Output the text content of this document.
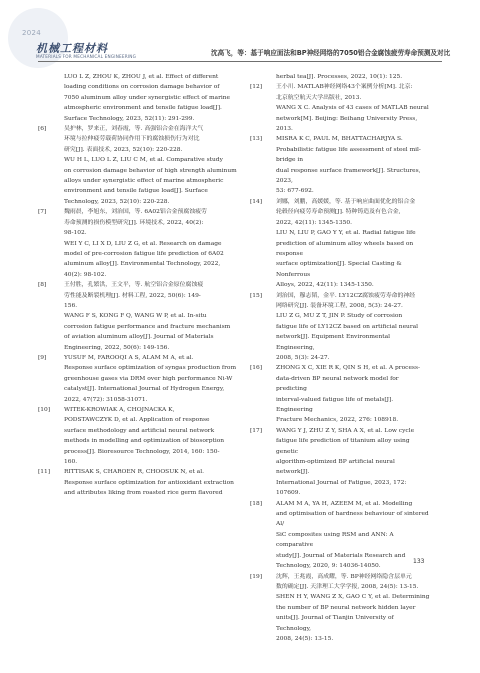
2024
机械工程材料
MATERIALS FOR MECHANICAL ENGINEERING	沈高飞，等：基于响应面法和BP神经网络的7050铝合金腐蚀疲劳寿命预测及对比
LUO L Z, ZHOU K, ZHOU J, et al. Effect of different
loading conditions on corrosion damage behavior of
7050 aluminum alloy under synergistic effect of marine
atmospheric environment and tensile fatigue load[J].
Surface Technology, 2023, 52(11): 291-299.
[6]	吴护林，罗来正，刘春霞，等. 高强铝合金在海洋大气
环境与拉伸疲劳载荷协同作用下的腐蚀损伤行为对比
研究[J]. 表面技术, 2023, 52(10): 220-228.
WU H L, LUO L Z, LIU C M, et al. Comparative study
on corrosion damage behavior of high strength aluminum
alloys under synergistic effect of marine atmospheric
environment and tensile fatigue load[J]. Surface
Technology, 2023, 52(10): 220-228.
[7]	魏雨晨，李旭东，刘治国，等. 6A02铝合金预腐蚀疲劳
寿命预测的损伤模型研究[J]. 环境技术, 2022, 40(2):
98-102.
WEI Y C, LI X D, LIU Z G, et al. Research on damage
model of pre-corrosion fatigue life prediction of 6A02
aluminum alloy[J]. Environmental Technology, 2022,
40(2): 98-102.
[8]	王付胜，孔繁洪，王文平，等. 航空铝合金原位腐蚀疲
劳性能及断裂机理[J]. 材料工程, 2022, 50(6): 149-
156.
WANG F S, KONG F Q, WANG W P, et al. In-situ
corrosion fatigue performance and fracture mechanism
of aviation aluminum alloy[J]. Journal of Materials
Engineering, 2022, 50(6): 149-156.
[9]	YUSUF M, FAROOQI A S, ALAM M A, et al.
Response surface optimization of syngas production from
greenhouse gases via DRM over high performance Ni-W
catalyst[J]. International Journal of Hydrogen Energy,
2022, 47(72): 31058-31071.
[10] WITEK-KROWIAK A, CHOJNACKA K,
PODSTAWCZYK D, et al. Application of response
surface methodology and artificial neural network
methods in modelling and optimization of biosorption
process[J]. Bioresource Technology, 2014, 160: 150-
160.
[11] RITTISAK S, CHAROEN R, CHOOSUK N, et al.
Response surface optimization for antioxidant extraction
and attributes liking from roasted rice germ flavored
herbal tea[J]. Processes, 2022, 10(1): 125.
[12] 王小川. MATLAB神经网络43个案例分析[M]. 北京:
北京航空航天大学出版社, 2013.
WANG X C. Analysis of 43 cases of MATLAB neural
network[M]. Beijing: Beihang University Press, 2013.
[13] MISRA K C, PAUL M, BHATTACHARJYA S.
Probabilistic fatigue life assessment of steel mil-bridge in
dual response surface framework[J]. Structures, 2023,
53: 677-692.
[14] 刘娜，刘鹏，高媛媛，等. 基于响应曲面优化的铝合金
轮毂径向疲劳寿命预测[J]. 特种铸造及有色合金,
2022, 42(11): 1345-1350.
LIU N, LIU P, GAO Y Y, et al. Radial fatigue life
prediction of aluminum alloy wheels based on response
surface optimization[J]. Special Casting & Nonferrous
Alloys, 2022, 42(11): 1345-1350.
[15] 刘治国，穆志韬，金平. LY12CZ腐蚀疲劳寿命的神经
网络研究[J]. 装备环境工程, 2008, 5(3): 24-27.
LIU Z G, MU Z T, JIN P. Study of corrosion
fatigue life of LY12CZ based on artificial neural
network[J]. Equipment Environmental Engineering,
2008, 5(3): 24-27.
[16] ZHONG X C, XIE R K, QIN S H, et al. A process-
data-driven BP neural network model for predicting
interval-valued fatigue life of metals[J]. Engineering
Fracture Mechanics, 2022, 276: 108918.
[17] WANG Y J, ZHU Z Y, SHA A X, et al. Low cycle
fatigue life prediction of titanium alloy using genetic
algorithm-optimized BP artificial neural network[J].
International Journal of Fatigue, 2023, 172: 107609.
[18] ALAM M A, YA H, AZEEM M, et al. Modelling
and optimisation of hardness behaviour of sintered Al/
SiC composites using RSM and ANN: A comparative
study[J]. Journal of Materials Research and
Technology, 2020, 9: 14036-14050.
[19] 沈辉，王兆霞，高成耀，等. BP神经网络隐含层单元
数的确定[J]. 天津理工大学学报, 2008, 24(5): 13-15.
SHEN H Y, WANG Z X, GAO C Y, et al. Determining
the number of BP neural network hidden layer
units[J]. Journal of Tianjin University of Technology,
2008, 24(5): 13-15.
133
